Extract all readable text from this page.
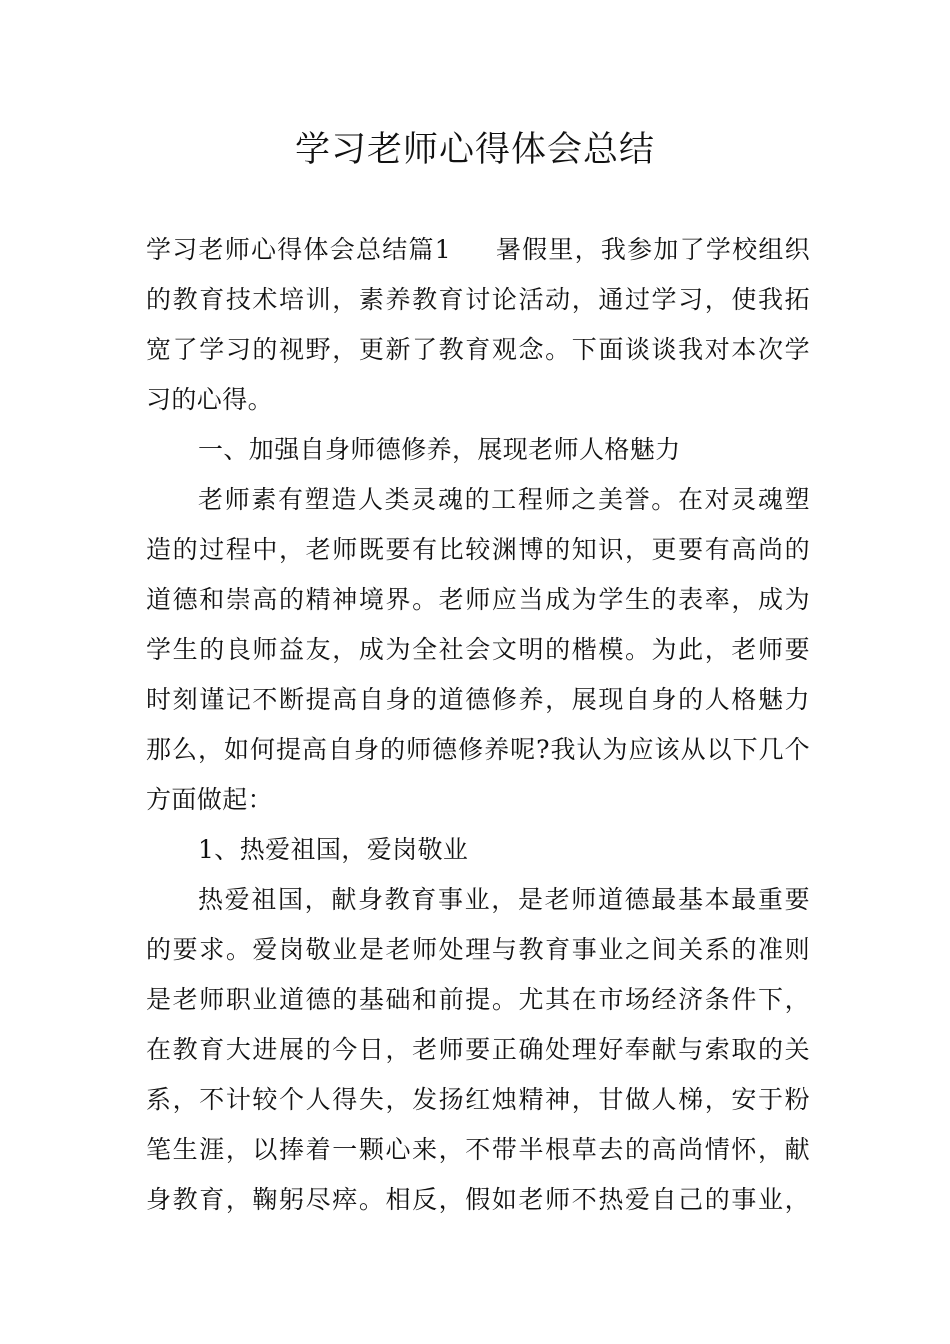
学习老师心得体会总结
学习老师心得体会总结篇1 暑假里，我参加了学校组织
的教育技术培训，素养教育讨论活动，通过学习，使我拓
宽了学习的视野，更新了教育观念。下面谈谈我对本次学
习的心得。
一、加强自身师德修养，展现老师人格魅力
老师素有塑造人类灵魂的工程师之美誉。在对灵魂塑
造的过程中，老师既要有比较渊博的知识，更要有高尚的
道德和崇高的精神境界。老师应当成为学生的表率，成为
学生的良师益友，成为全社会文明的楷模。为此，老师要
时刻谨记不断提高自身的道德修养，展现自身的人格魅力
那么，如何提高自身的师德修养呢?我认为应该从以下几个
方面做起：
1、热爱祖国，爱岗敬业
热爱祖国，献身教育事业，是老师道德最基本最重要
的要求。爱岗敬业是老师处理与教育事业之间关系的准则
是老师职业道德的基础和前提。尤其在市场经济条件下，
在教育大进展的今日，老师要正确处理好奉献与索取的关
系，不计较个人得失，发扬红烛精神，甘做人梯，安于粉
笔生涯，以捧着一颗心来，不带半根草去的高尚情怀，献
身教育，鞠躬尽瘁。相反，假如老师不热爱自己的事业，
